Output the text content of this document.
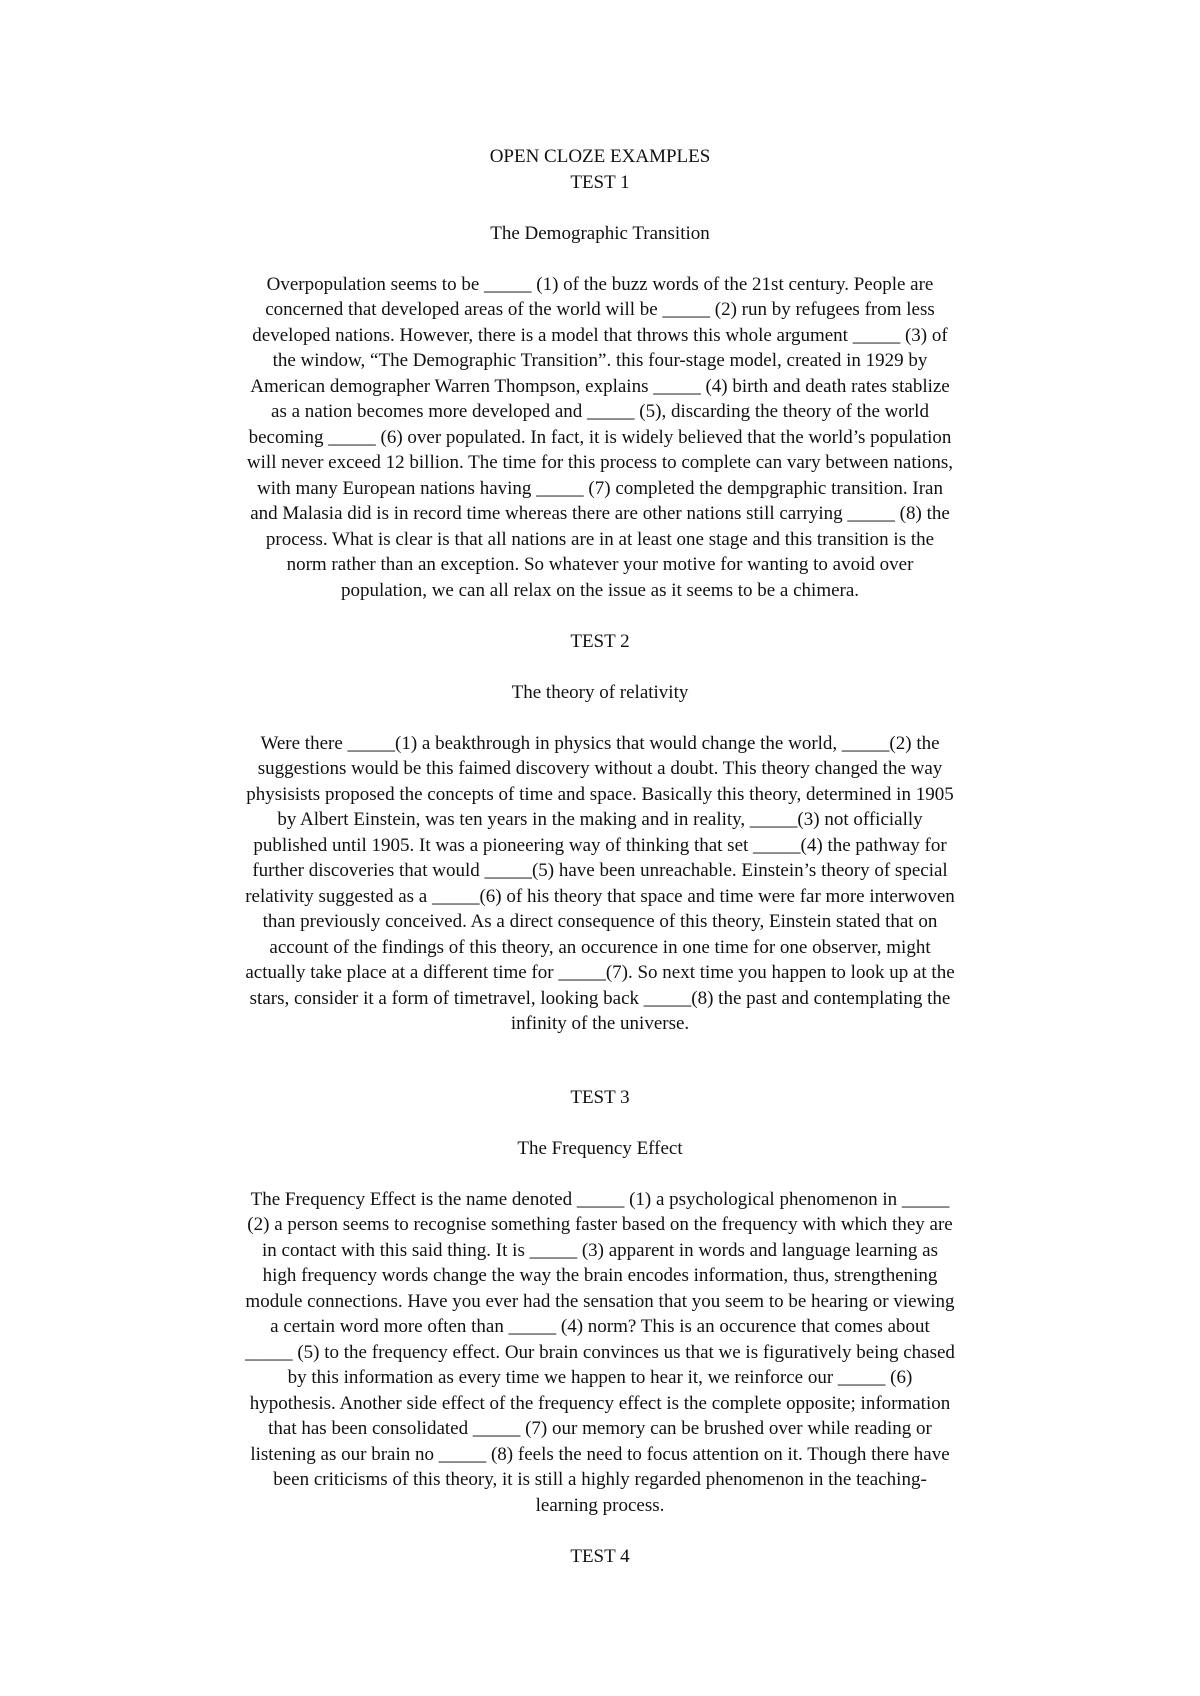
OPEN CLOZE EXAMPLES
TEST 1
The Demographic Transition
Overpopulation seems to be _____ (1) of the buzz words of the 21st century. People are
concerned that developed areas of the world will be _____ (2) run by refugees from less
developed nations. However, there is a model that throws this whole argument _____ (3) of
the window, “The Demographic Transition”. this four-stage model, created in 1929 by
American demographer Warren Thompson, explains _____ (4) birth and death rates stablize
as a nation becomes more developed and _____ (5), discarding the theory of the world
becoming _____ (6) over populated. In fact, it is widely believed that the world’s population
will never exceed 12 billion. The time for this process to complete can vary between nations,
with many European nations having _____ (7) completed the dempgraphic transition. Iran
and Malasia did is in record time whereas there are other nations still carrying _____ (8) the
process. What is clear is that all nations are in at least one stage and this transition is the
norm rather than an exception. So whatever your motive for wanting to avoid over
population, we can all relax on the issue as it seems to be a chimera.
TEST 2
The theory of relativity
Were there _____(1) a beakthrough in physics that would change the world, _____(2) the
suggestions would be this faimed discovery without a doubt. This theory changed the way
physisists proposed the concepts of time and space. Basically this theory, determined in 1905
by Albert Einstein, was ten years in the making and in reality, _____(3) not officially
published until 1905. It was a pioneering way of thinking that set _____(4) the pathway for
further discoveries that would _____(5) have been unreachable. Einstein’s theory of special
relativity suggested as a _____(6) of his theory that space and time were far more interwoven
than previously conceived. As a direct consequence of this theory, Einstein stated that on
account of the findings of this theory, an occurence in one time for one observer, might
actually take place at a different time for _____(7). So next time you happen to look up at the
stars, consider it a form of timetravel, looking back _____(8) the past and contemplating the
infinity of the universe.
TEST 3
The Frequency Effect
The Frequency Effect is the name denoted _____ (1) a psychological phenomenon in _____
(2) a person seems to recognise something faster based on the frequency with which they are
in contact with this said thing. It is _____ (3) apparent in words and language learning as
high frequency words change the way the brain encodes information, thus, strengthening
module connections. Have you ever had the sensation that you seem to be hearing or viewing
a certain word more often than _____ (4) norm? This is an occurence that comes about
_____ (5) to the frequency effect. Our brain convinces us that we is figuratively being chased
by this information as every time we happen to hear it, we reinforce our _____ (6)
hypothesis. Another side effect of the frequency effect is the complete opposite; information
that has been consolidated _____ (7) our memory can be brushed over while reading or
listening as our brain no _____ (8) feels the need to focus attention on it. Though there have
been criticisms of this theory, it is still a highly regarded phenomenon in the teaching-
learning process.
TEST 4
